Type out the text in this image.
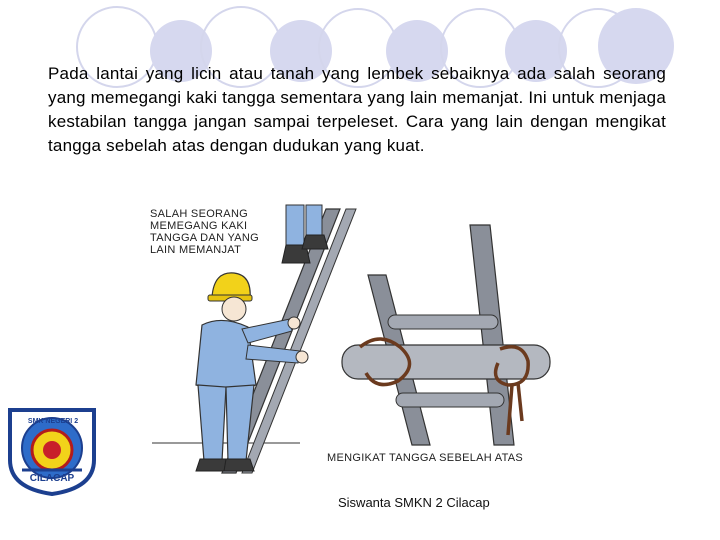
Pada lantai yang licin atau tanah yang lembek sebaiknya ada salah seorang yang memegangi kaki tangga sementara yang lain memanjat. Ini untuk menjaga kestabilan tangga jangan sampai terpeleset. Cara yang lain dengan mengikat tangga sebelah atas dengan dudukan yang kuat.
SALAH SEORANG
MEMEGANG KAKI
TANGGA DAN YANG
LAIN MEMANJAT
MENGIKAT TANGGA SEBELAH ATAS
SMK NEGERI 2
CILACAP
Siswanta SMKN 2 Cilacap
